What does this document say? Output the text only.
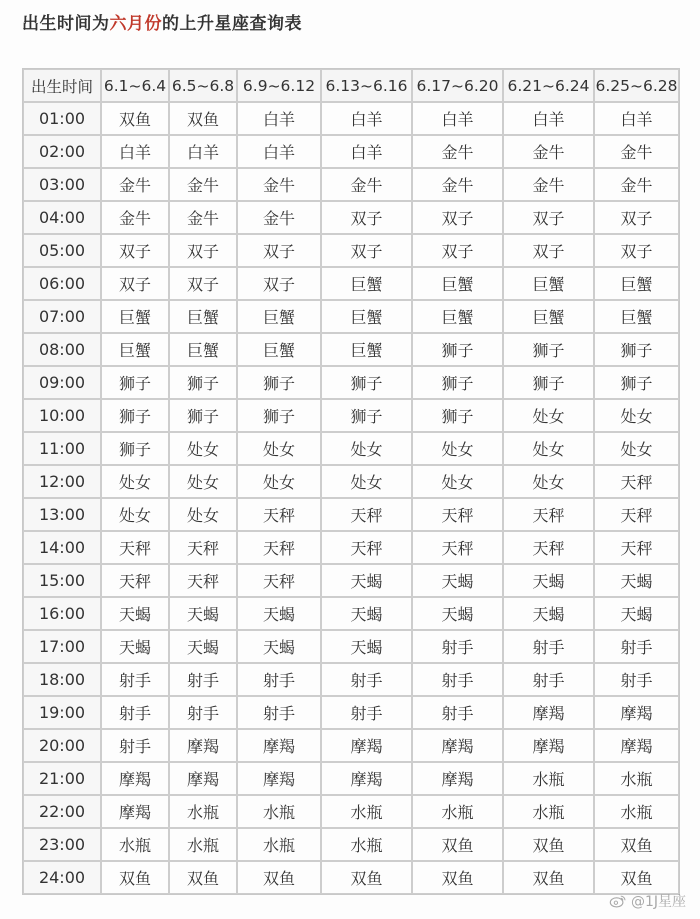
出生时间为六月份的上升星座查询表
出生时间	6.1~6.4	6.5~6.8	6.9~6.12	6.13~6.16	6.17~6.20	6.21~6.24	6.25~6.28
01:00	双鱼	双鱼	白羊	白羊	白羊	白羊	白羊
02:00	白羊	白羊	白羊	白羊	金牛	金牛	金牛
03:00	金牛	金牛	金牛	金牛	金牛	金牛	金牛
04:00	金牛	金牛	金牛	双子	双子	双子	双子
05:00	双子	双子	双子	双子	双子	双子	双子
06:00	双子	双子	双子	巨蟹	巨蟹	巨蟹	巨蟹
07:00	巨蟹	巨蟹	巨蟹	巨蟹	巨蟹	巨蟹	巨蟹
08:00	巨蟹	巨蟹	巨蟹	巨蟹	狮子	狮子	狮子
09:00	狮子	狮子	狮子	狮子	狮子	狮子	狮子
10:00	狮子	狮子	狮子	狮子	狮子	处女	处女
11:00	狮子	处女	处女	处女	处女	处女	处女
12:00	处女	处女	处女	处女	处女	处女	天秤
13:00	处女	处女	天秤	天秤	天秤	天秤	天秤
14:00	天秤	天秤	天秤	天秤	天秤	天秤	天秤
15:00	天秤	天秤	天秤	天蝎	天蝎	天蝎	天蝎
16:00	天蝎	天蝎	天蝎	天蝎	天蝎	天蝎	天蝎
17:00	天蝎	天蝎	天蝎	天蝎	射手	射手	射手
18:00	射手	射手	射手	射手	射手	射手	射手
19:00	射手	射手	射手	射手	射手	摩羯	摩羯
20:00	射手	摩羯	摩羯	摩羯	摩羯	摩羯	摩羯
21:00	摩羯	摩羯	摩羯	摩羯	摩羯	水瓶	水瓶
22:00	摩羯	水瓶	水瓶	水瓶	水瓶	水瓶	水瓶
23:00	水瓶	水瓶	水瓶	水瓶	双鱼	双鱼	双鱼
24:00	双鱼	双鱼	双鱼	双鱼	双鱼	双鱼	双鱼
@1J星座
